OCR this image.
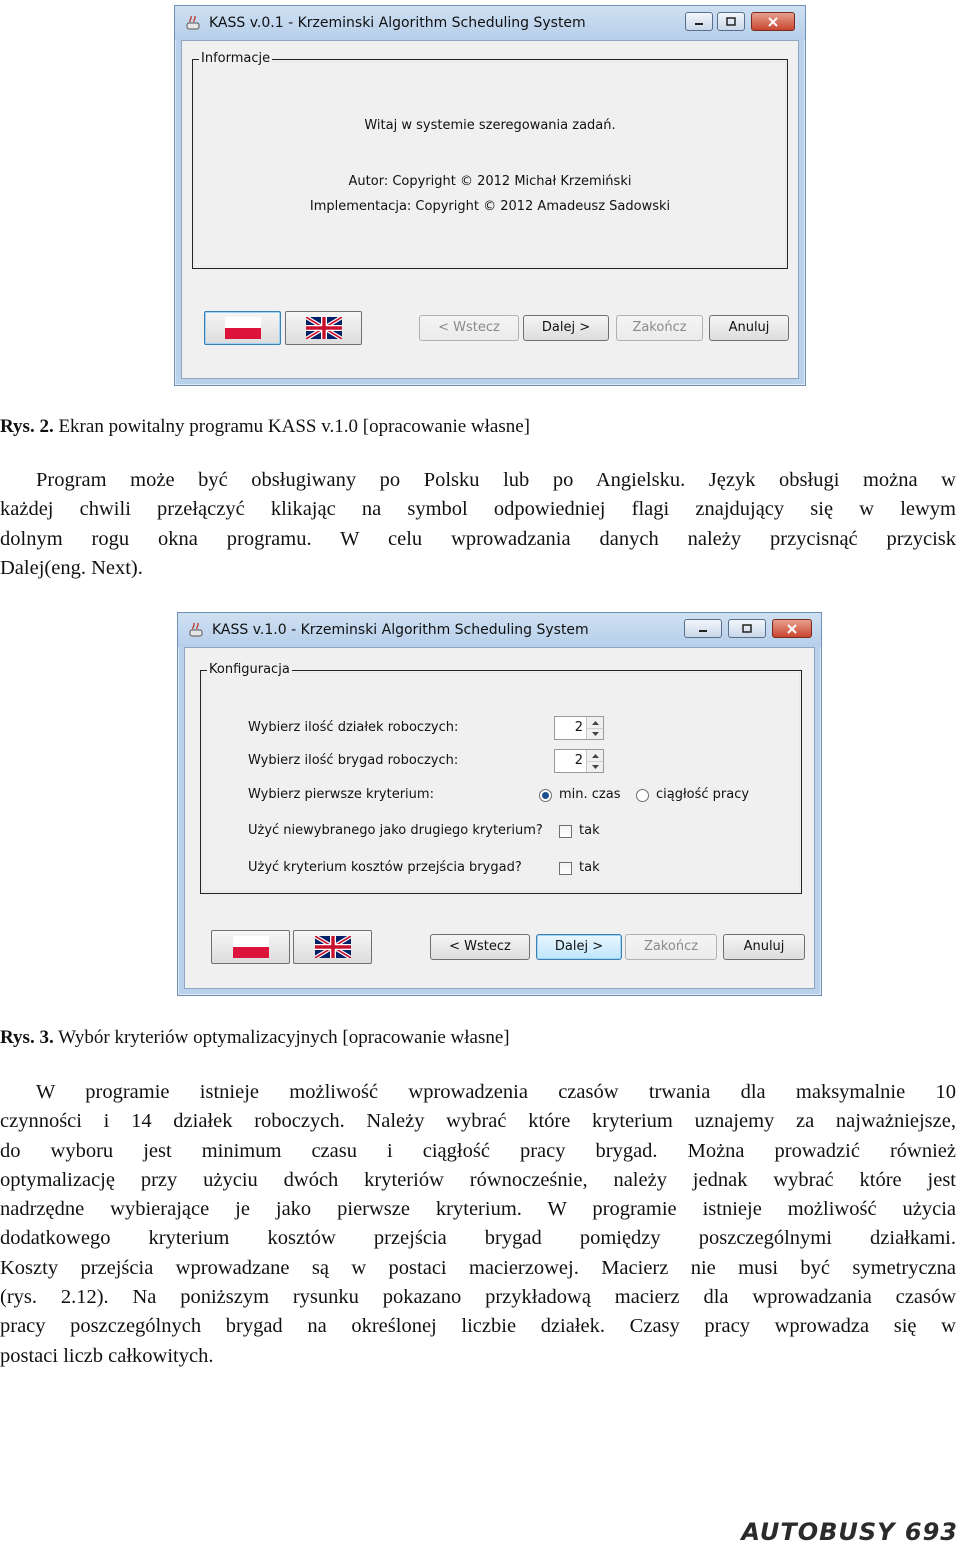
KASS v.0.1 - Krzeminski Algorithm Scheduling System
Informacje
Witaj w systemie szeregowania zadań.
Autor: Copyright © 2012 Michał Krzemiński
Implementacja: Copyright © 2012 Amadeusz Sadowski
< Wstecz	Dalej >	Zakończ	Anuluj
Rys. 2. Ekran powitalny programu KASS v.1.0 [opracowanie własne]
Program może być obsługiwany po Polsku lub po Angielsku. Język obsługi można w
każdej chwili przełączyć klikając na symbol odpowiedniej flagi znajdujący się w lewym
dolnym rogu okna programu. W celu wprowadzania danych należy przycisnąć przycisk
Dalej(eng. Next).
KASS v.1.0 - Krzeminski Algorithm Scheduling System
Konfiguracja
Wybierz ilość działek roboczych:	2
Wybierz ilość brygad roboczych:	2
Wybierz pierwsze kryterium:	min. czas	ciągłość pracy
Użyć niewybranego jako drugiego kryterium?	tak
Użyć kryterium kosztów przejścia brygad?	tak
< Wstecz	Dalej >	Zakończ	Anuluj
Rys. 3. Wybór kryteriów optymalizacyjnych [opracowanie własne]
W programie istnieje możliwość wprowadzenia czasów trwania dla maksymalnie 10
czynności i 14 działek roboczych. Należy wybrać które kryterium uznajemy za najważniejsze,
do wyboru jest minimum czasu i ciągłość pracy brygad. Można prowadzić również
optymalizację przy użyciu dwóch kryteriów równocześnie, należy jednak wybrać które jest
nadrzędne wybierające je jako pierwsze kryterium. W programie istnieje możliwość użycia
dodatkowego kryterium kosztów przejścia brygad pomiędzy poszczególnymi działkami.
Koszty przejścia wprowadzane są w postaci macierzowej. Macierz nie musi być symetryczna
(rys. 2.12). Na poniższym rysunku pokazano przykładową macierz dla wprowadzania czasów
pracy poszczególnych brygad na określonej liczbie działek. Czasy pracy wprowadza się w
postaci liczb całkowitych.
AUTOBUSY 693
